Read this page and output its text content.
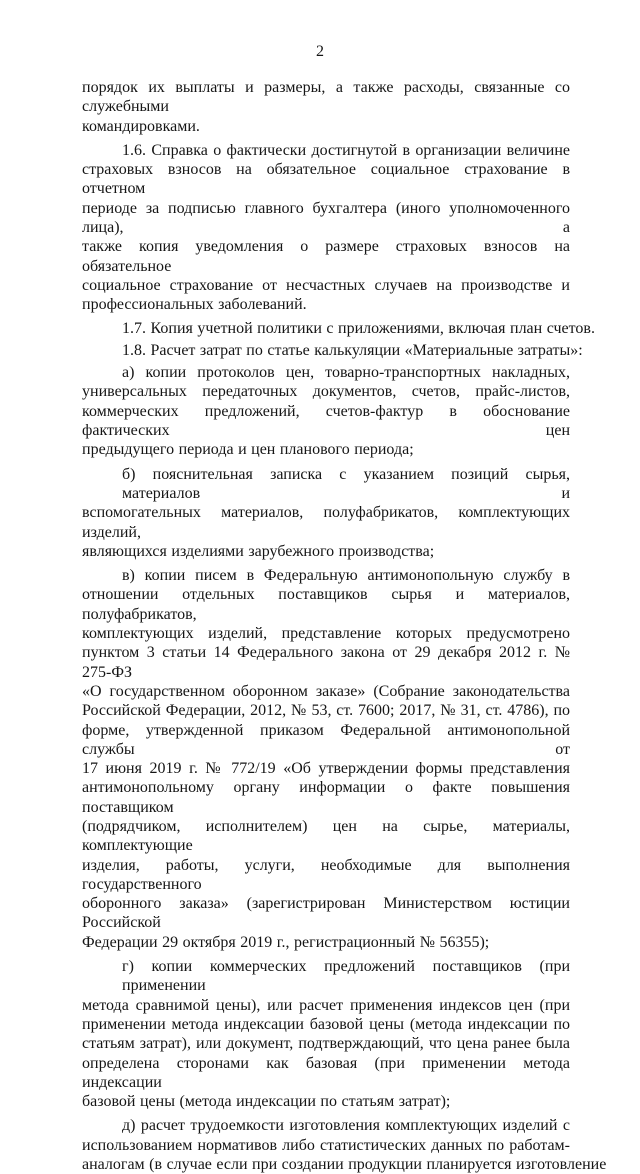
2
порядок их выплаты и размеры, а также расходы, связанные со служебными
командировками.
1.6. Справка о фактически достигнутой в организации величине
страховых взносов на обязательное социальное страхование в отчетном
периоде за подписью главного бухгалтера (иного уполномоченного лица), а
также копия уведомления о размере страховых взносов на обязательное
социальное страхование от несчастных случаев на производстве и
профессиональных заболеваний.
1.7. Копия учетной политики с приложениями, включая план счетов.
1.8. Расчет затрат по статье калькуляции «Материальные затраты»:
а) копии протоколов цен, товарно-транспортных накладных,
универсальных передаточных документов, счетов, прайс-листов,
коммерческих предложений, счетов-фактур в обоснование фактических цен
предыдущего периода и цен планового периода;
б) пояснительная записка с указанием позиций сырья, материалов и
вспомогательных материалов, полуфабрикатов, комплектующих изделий,
являющихся изделиями зарубежного производства;
в) копии писем в Федеральную антимонопольную службу в
отношении отдельных поставщиков сырья и материалов, полуфабрикатов,
комплектующих изделий, представление которых предусмотрено
пунктом 3 статьи 14 Федерального закона от 29 декабря 2012 г. № 275-ФЗ
«О государственном оборонном заказе» (Собрание законодательства
Российской Федерации, 2012, № 53, ст. 7600; 2017, № 31, ст. 4786), по
форме, утвержденной приказом Федеральной антимонопольной службы от
17 июня 2019 г. № 772/19 «Об утверждении формы представления
антимонопольному органу информации о факте повышения поставщиком
(подрядчиком, исполнителем) цен на сырье, материалы, комплектующие
изделия, работы, услуги, необходимые для выполнения государственного
оборонного заказа» (зарегистрирован Министерством юстиции Российской
Федерации 29 октября 2019 г., регистрационный № 56355);
г) копии коммерческих предложений поставщиков (при применении
метода сравнимой цены), или расчет применения индексов цен (при
применении метода индексации базовой цены (метода индексации по
статьям затрат), или документ, подтверждающий, что цена ранее была
определена сторонами как базовая (при применении метода индексации
базовой цены (метода индексации по статьям затрат);
д) расчет трудоемкости изготовления комплектующих изделий с
использованием нормативов либо статистических данных по работам-
аналогам (в случае если при создании продукции планируется изготовление
